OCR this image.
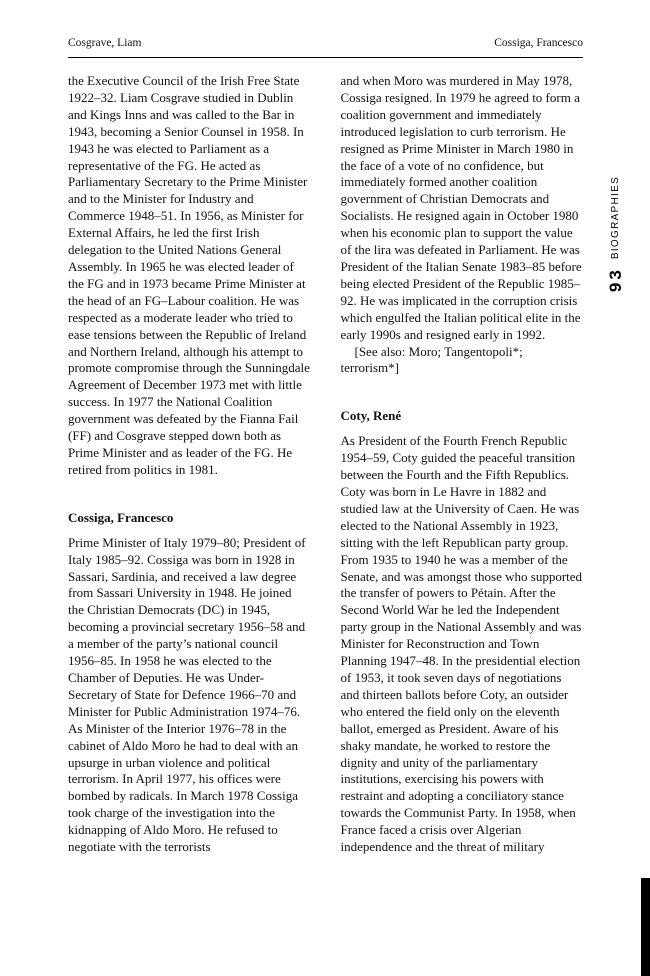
Cosgrave, Liam	Cossiga, Francesco

the Executive Council of the Irish Free State 1922–32. Liam Cosgrave studied in Dublin and Kings Inns and was called to the Bar in 1943, becoming a Senior Counsel in 1958. In 1943 he was elected to Parliament as a representative of the FG. He acted as Parliamentary Secretary to the Prime Minister and to the Minister for Industry and Commerce 1948–51. In 1956, as Minister for External Affairs, he led the first Irish delegation to the United Nations General Assembly. In 1965 he was elected leader of the FG and in 1973 became Prime Minister at the head of an FG–Labour coalition. He was respected as a moderate leader who tried to ease tensions between the Republic of Ireland and Northern Ireland, although his attempt to promote compromise through the Sunningdale Agreement of December 1973 met with little success. In 1977 the National Coalition government was defeated by the Fianna Fail (FF) and Cosgrave stepped down both as Prime Minister and as leader of the FG. He retired from politics in 1981.

Cossiga, Francesco

Prime Minister of Italy 1979–80; President of Italy 1985–92. Cossiga was born in 1928 in Sassari, Sardinia, and received a law degree from Sassari University in 1948. He joined the Christian Democrats (DC) in 1945, becoming a provincial secretary 1956–58 and a member of the party’s national council 1956–85. In 1958 he was elected to the Chamber of Deputies. He was Under-Secretary of State for Defence 1966–70 and Minister for Public Administration 1974–76. As Minister of the Interior 1976–78 in the cabinet of Aldo Moro he had to deal with an upsurge in urban violence and political terrorism. In April 1977, his offices were bombed by radicals. In March 1978 Cossiga took charge of the investigation into the kidnapping of Aldo Moro. He refused to negotiate with the terrorists

and when Moro was murdered in May 1978, Cossiga resigned. In 1979 he agreed to form a coalition government and immediately introduced legislation to curb terrorism. He resigned as Prime Minister in March 1980 in the face of a vote of no confidence, but immediately formed another coalition government of Christian Democrats and Socialists. He resigned again in October 1980 when his economic plan to support the value of the lira was defeated in Parliament. He was President of the Italian Senate 1983–85 before being elected President of the Republic 1985–92. He was implicated in the corruption crisis which engulfed the Italian political elite in the early 1990s and resigned early in 1992.

[See also: Moro; Tangentopoli*; terrorism*]

Coty, René

As President of the Fourth French Republic 1954–59, Coty guided the peaceful transition between the Fourth and the Fifth Republics. Coty was born in Le Havre in 1882 and studied law at the University of Caen. He was elected to the National Assembly in 1923, sitting with the left Republican party group. From 1935 to 1940 he was a member of the Senate, and was amongst those who supported the transfer of powers to Pétain. After the Second World War he led the Independent party group in the National Assembly and was Minister for Reconstruction and Town Planning 1947–48. In the presidential election of 1953, it took seven days of negotiations and thirteen ballots before Coty, an outsider who entered the field only on the eleventh ballot, emerged as President. Aware of his shaky mandate, he worked to restore the dignity and unity of the parliamentary institutions, exercising his powers with restraint and adopting a conciliatory stance towards the Communist Party. In 1958, when France faced a crisis over Algerian independence and the threat of military

93BIOGRAPHIES
